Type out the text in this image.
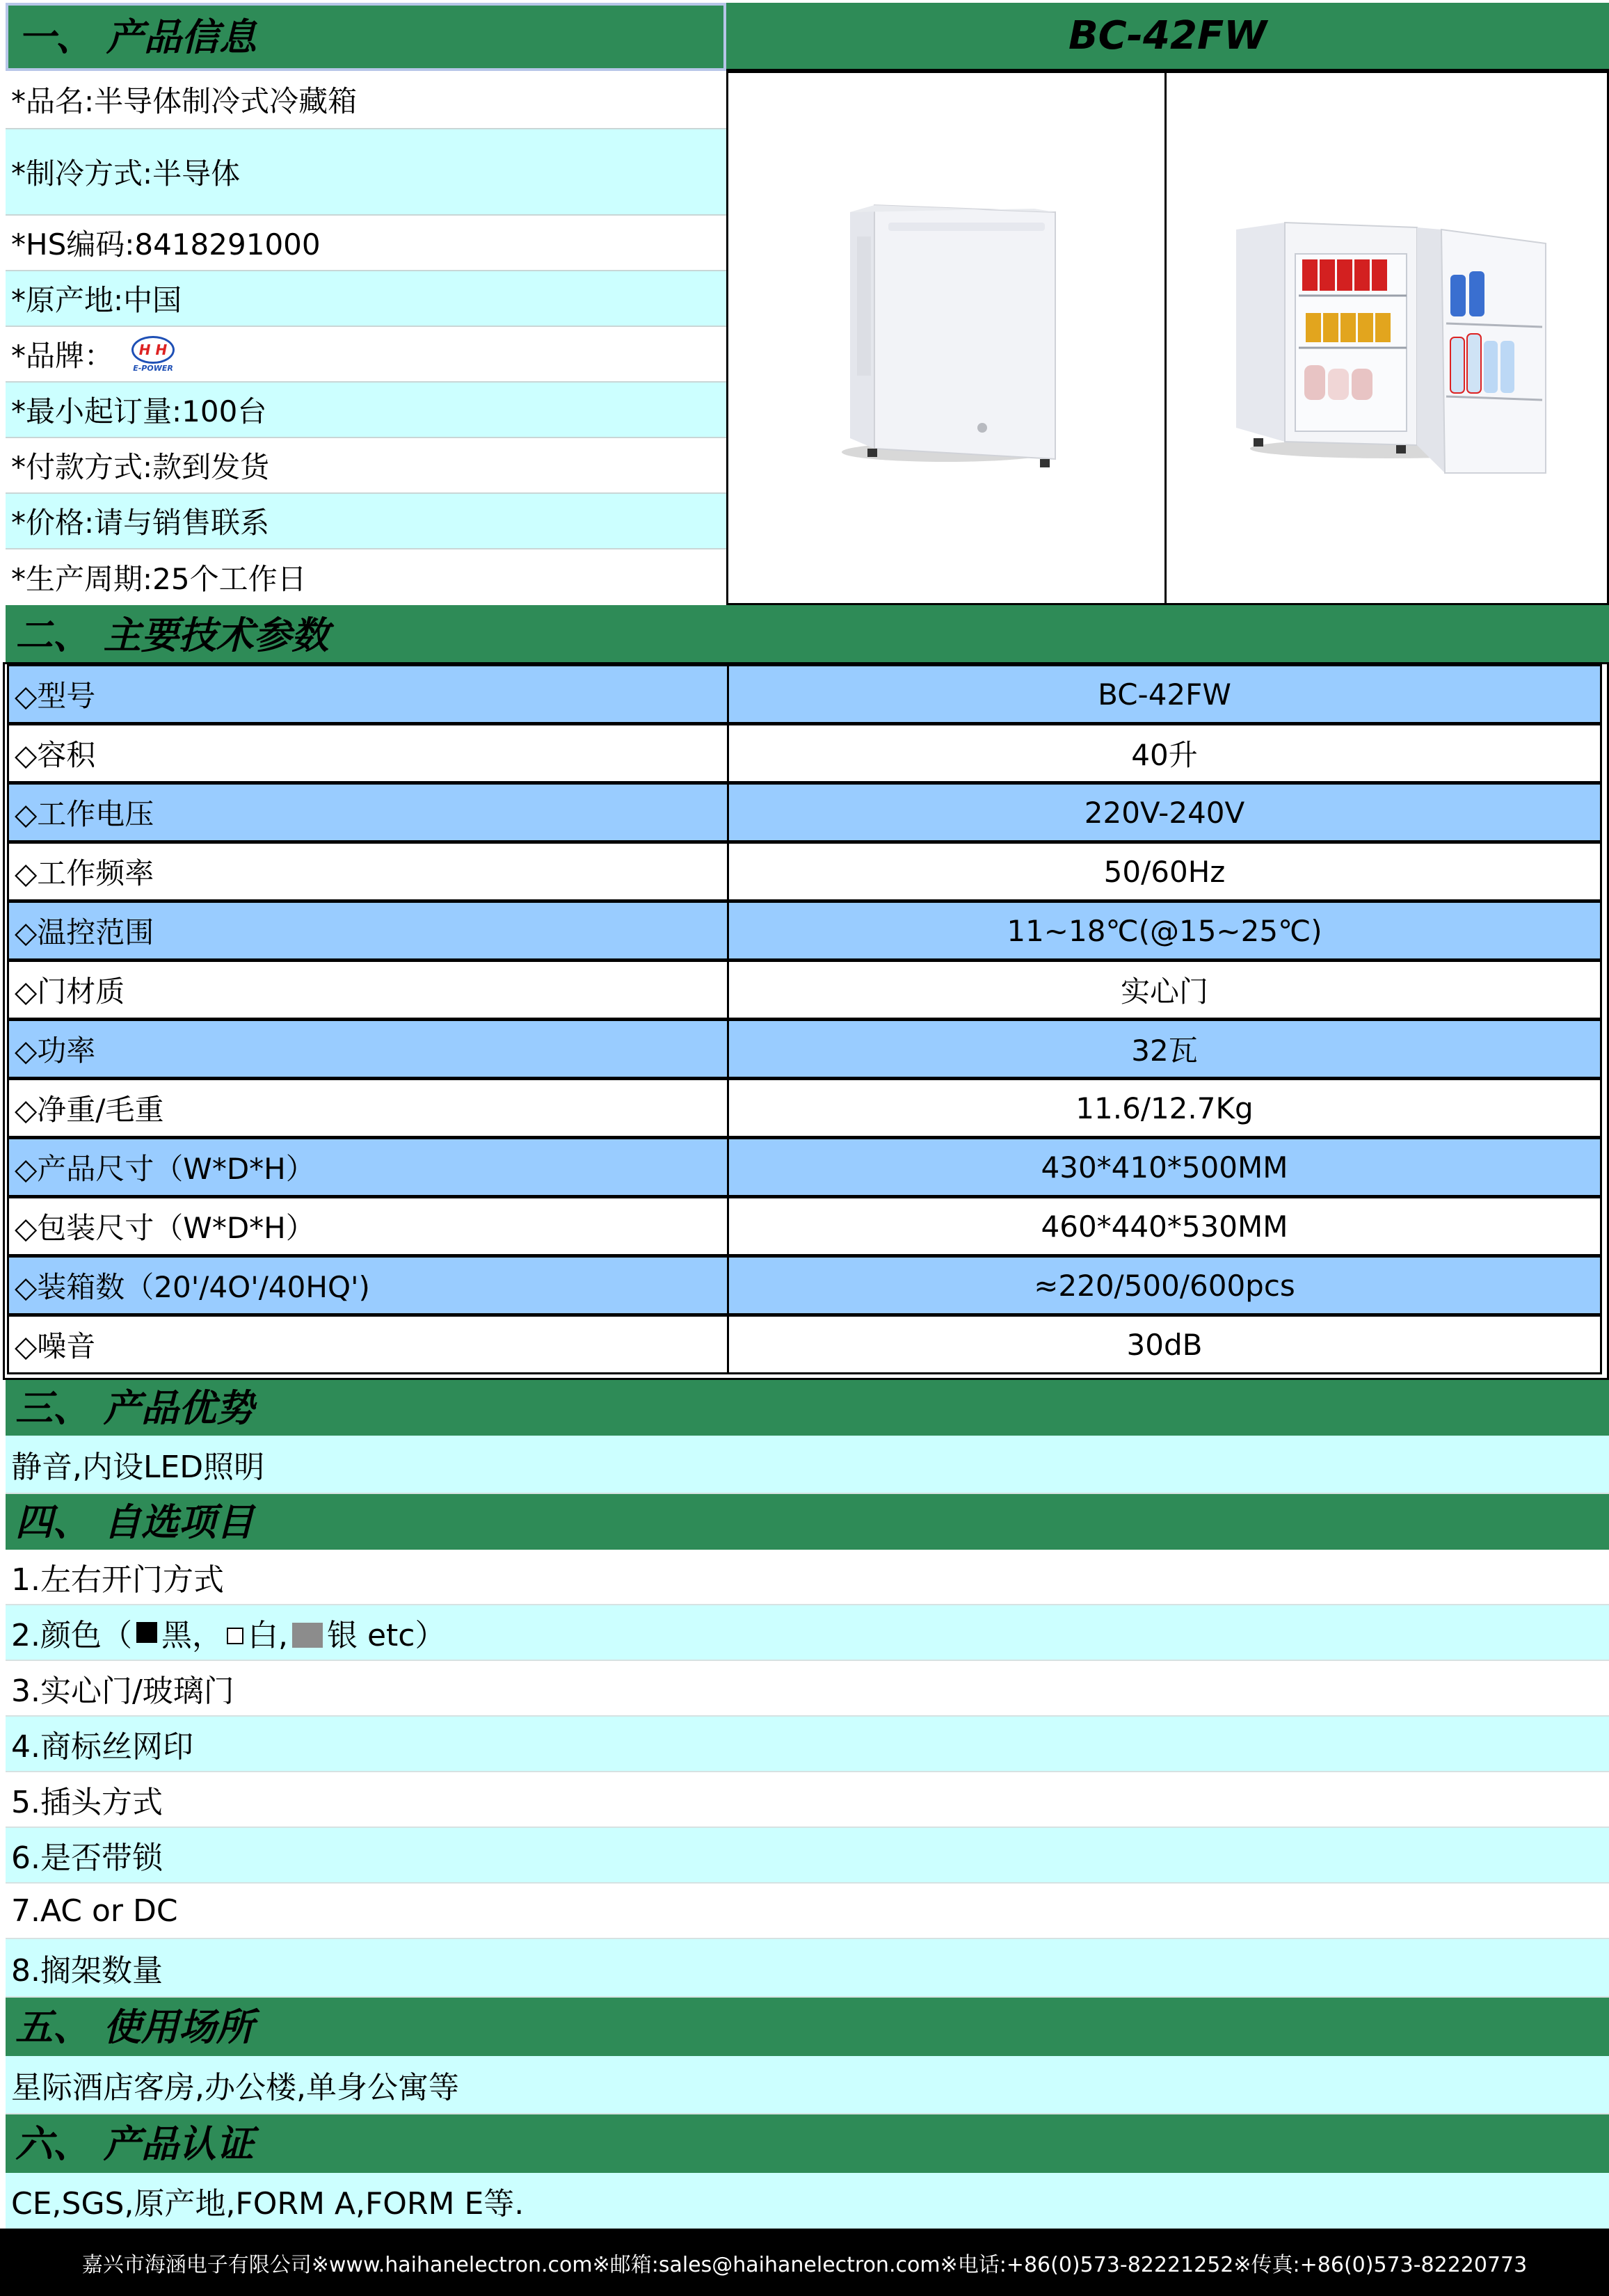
一、 产品信息	BC-42FW
*品名:半导体制冷式冷藏箱
*制冷方式:半导体
*HS编码:8418291000
*原产地:中国
*品牌：	H H
E-POWER
*最小起订量:100台
*付款方式:款到发货
*价格:请与销售联系
*生产周期:25个工作日
二、 主要技术参数
◇型号	BC-42FW
◇容积	40升
◇工作电压	220V-240V
◇工作频率	50/60Hz
◇温控范围	11~18℃(@15~25℃)
◇门材质	实心门
◇功率	32瓦
◇净重/毛重	11.6/12.7Kg
◇产品尺寸（W*D*H）	430*410*500MM
◇包装尺寸（W*D*H）	460*440*530MM
◇装箱数（20'/4O'/40HQ')	≈220/500/600pcs
◇噪音	30dB
三、 产品优势
静音,内设LED照明
四、 自选项目
1.左右开门方式
2.颜色（ 黑， 白, 银 etc）
3.实心门/玻璃门
4.商标丝网印
5.插头方式
6.是否带锁
7.AC or DC
8.搁架数量
五、 使用场所
星际酒店客房,办公楼,单身公寓等
六、 产品认证
CE,SGS,原产地,FORM A,FORM E等.
嘉兴市海涵电子有限公司※www.haihanelectron.com※邮箱:sales@haihanelectron.com※电话:+86(0)573-82221252※传真:+86(0)573-82220773
